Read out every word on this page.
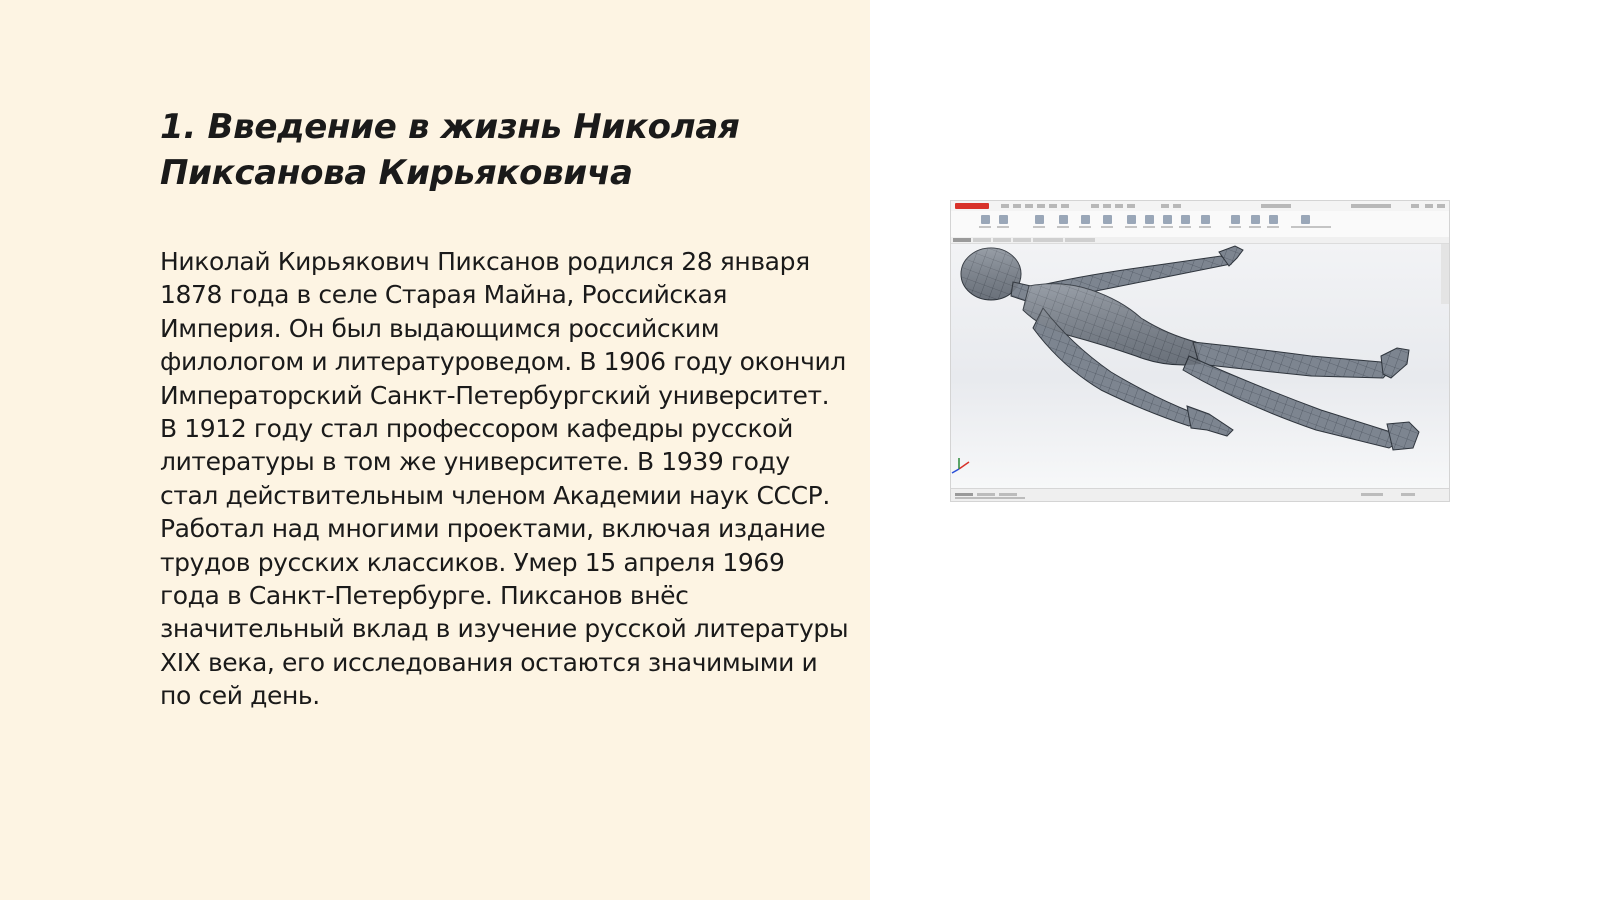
1. Введение в жизнь Николая Пиксанова Кирьяковича

Николай Кирьякович Пиксанов родился 28 января 1878 года в селе Старая Майна, Российская Империя. Он был выдающимся российским филологом и литературоведом. В 1906 году окончил Императорский Санкт-Петербургский университет. В 1912 году стал профессором кафедры русской литературы в том же университете. В 1939 году стал действительным членом Академии наук СССР. Работал над многими проектами, включая издание трудов русских классиков. Умер 15 апреля 1969 года в Санкт-Петербурге. Пиксанов внёс значительный вклад в изучение русской литературы XIX века, его исследования остаются значимыми и по сей день.
